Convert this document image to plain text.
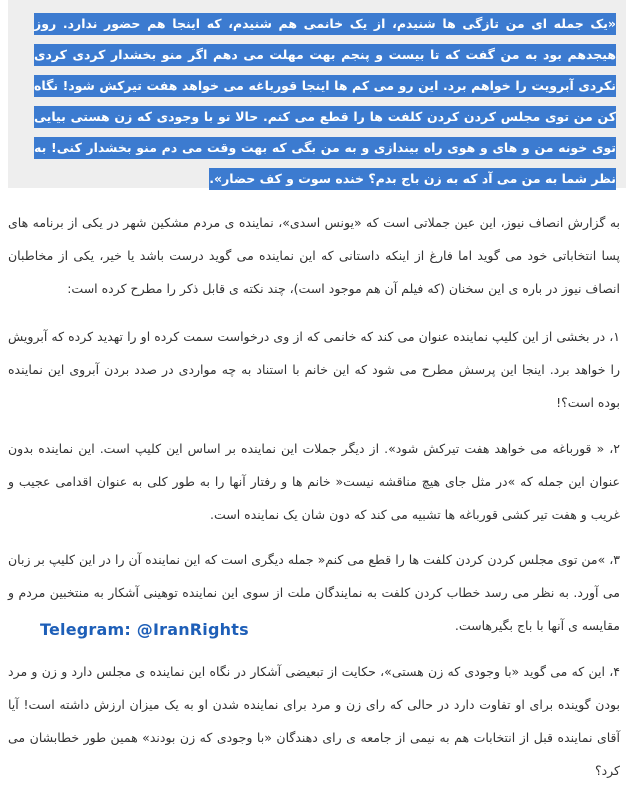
«یک جمله ای من تازگی ها شنیدم، از یک خانمی هم شنیدم، که اینجا هم حضور ندارد. روز هیجدهم بود به من گفت که تا بیست و پنجم بهت مهلت می دهم اگر منو بخشدار کردی کردی نکردی آبرویت را خواهم برد. این رو می کم ها اینجا قورباغه می خواهد هفت تیرکش شود! نگاه کن من توی مجلس کردن کردن کلفت ها را قطع می کنم. حالا تو با وجودی که زن هستی بیایی توی خونه من و های و هوی راه بیندازی و به من بگی که بهت وقت می دم منو بخشدار کنی! به نظر شما به من می آد که به زن باج بدم؟ خنده سوت و کف حضار».
به گزارش انصاف نیوز، این عین جملاتی است که «یونس اسدی»، نماینده ی مردم مشکین شهر در یکی از برنامه های پسا انتخاباتی خود می گوید اما فارغ از اینکه داستانی که این نماینده می گوید درست باشد یا خیر، یکی از مخاطبان انصاف نیوز در باره ی این سخنان (که فیلم آن هم موجود است)، چند نکته ی قابل ذکر را مطرح کرده است:
۱، در بخشی از این کلیپ نماینده عنوان می کند که خانمی که از وی درخواست سمت کرده او را تهدید کرده که آبرویش را خواهد برد. اینجا این پرسش مطرح می شود که این خانم با استناد به چه مواردی در صدد بردن آبروی این نماینده بوده است؟!
۲، « قورباغه می خواهد هفت تیرکش شود». از دیگر جملات این نماینده بر اساس این کلیپ است. این نماینده بدون عنوان این جمله که »در مثل جای هیچ مناقشه نیست« خانم ها و رفتار آنها را به طور کلی به عنوان اقدامی عجیب و غریب و هفت تیر کشی قورباغه ها تشبیه می کند که دون شان یک نماینده است.
۳، »من توی مجلس کردن کردن کلفت ها را قطع می کنم« جمله دیگری است که این نماینده آن را در این کلیپ بر زبان می آورد. به نظر می رسد خطاب کردن کلفت به نمایندگان ملت از سوی این نماینده توهینی آشکار به منتخبین مردم و مقایسه ی آنها با باج بگیرهاست.
۴، این که می گوید «با وجودی که زن هستی»، حکایت از تبعیضی آشکار در نگاه این نماینده ی مجلس دارد و زن و مرد بودن گوینده برای او تفاوت دارد در حالی که رای زن و مرد برای نماینده شدن او به یک میزان ارزش داشته است! آیا آقای نماینده قبل از انتخابات هم به نیمی از جامعه ی رای دهندگان «با وجودی که زن بودند» همین طور خطابشان می کرد؟
Telegram: @IranRights
